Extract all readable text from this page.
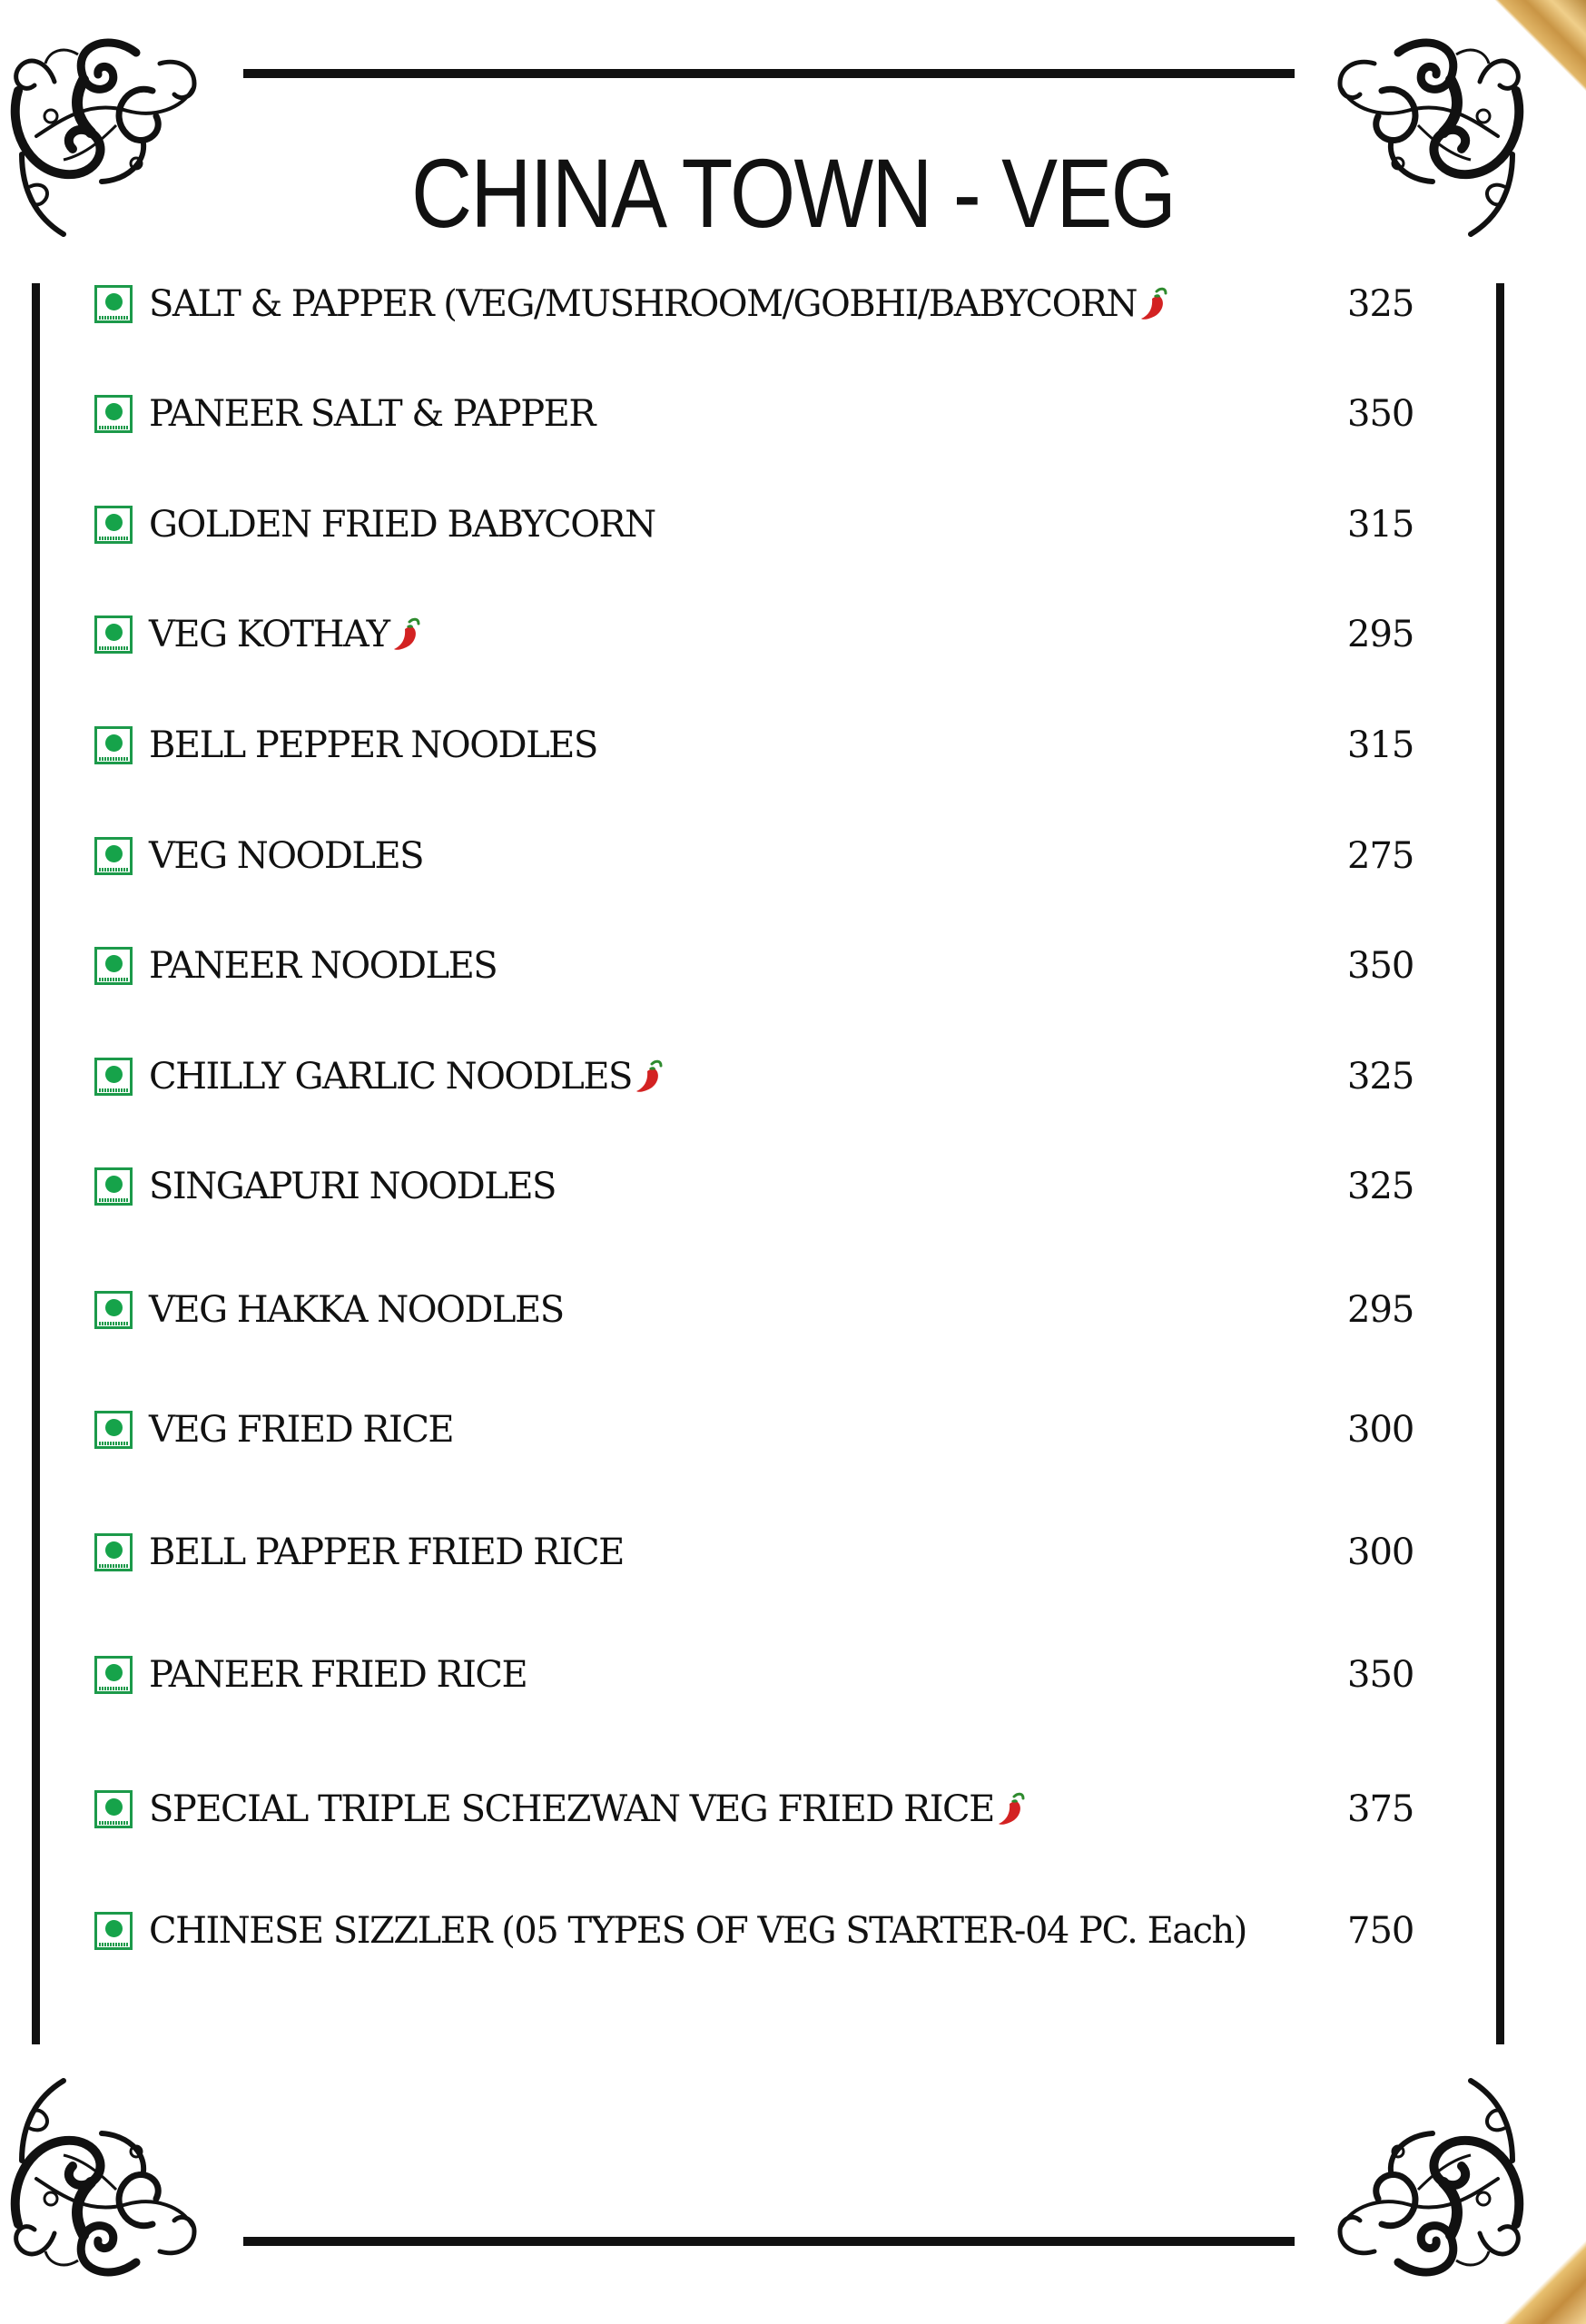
CHINA TOWN - VEG
SALT & PAPPER (VEG/MUSHROOM/GOBHI/BABYCORN	325
PANEER SALT & PAPPER	350
GOLDEN FRIED BABYCORN	315
VEG KOTHAY	295
BELL PEPPER NOODLES	315
VEG NOODLES	275
PANEER NOODLES	350
CHILLY GARLIC NOODLES	325
SINGAPURI NOODLES	325
VEG HAKKA NOODLES	295
VEG FRIED RICE	300
BELL PAPPER FRIED RICE	300
PANEER FRIED RICE	350
SPECIAL TRIPLE SCHEZWAN VEG FRIED RICE	375
CHINESE SIZZLER (05 TYPES OF VEG STARTER-04 PC. Each)	750
